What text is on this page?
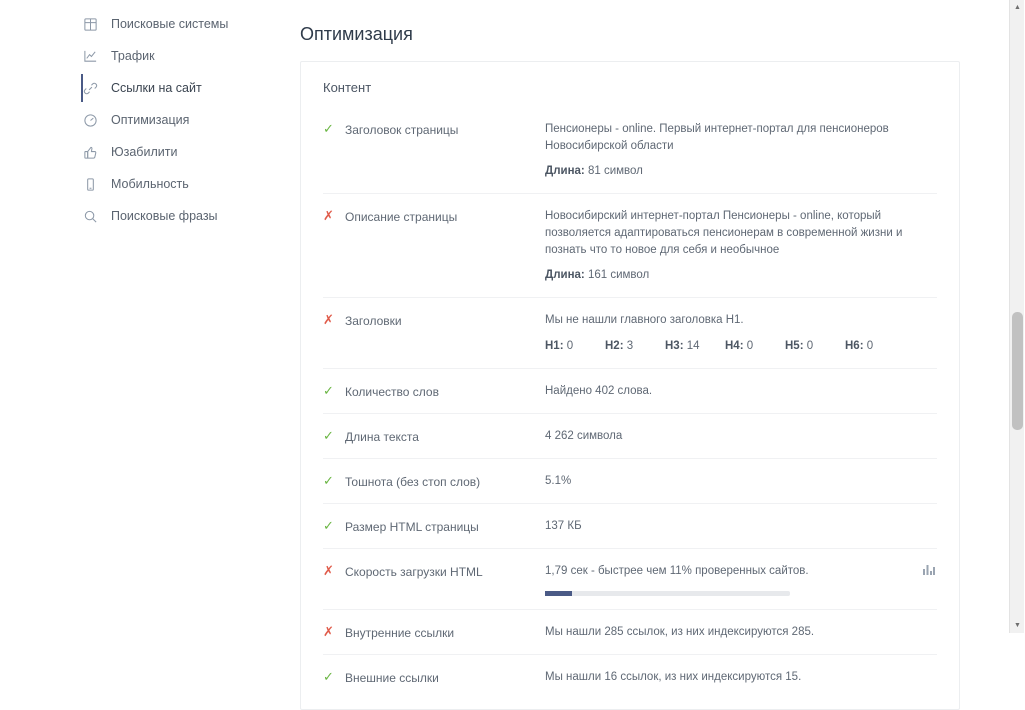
Поисковые системы
Трафик
Ссылки на сайт
Оптимизация
Юзабилити
Мобильность
Поисковые фразы
Оптимизация
Контент
✓ Заголовок страницы	Пенсионеры - online. Первый интернет-портал для пенсионеров Новосибирской области
Длина: 81 символ
✗ Описание страницы	Новосибирский интернет-портал Пенсионеры - online, который позволяется адаптироваться пенсионерам в современной жизни и познать что то новое для себя и необычное
Длина: 161 символ
✗ Заголовки	Мы не нашли главного заголовка H1.
H1: 0	H2: 3	H3: 14	H4: 0	H5: 0	H6: 0
✓ Количество слов	Найдено 402 слова.
✓ Длина текста	4 262 символа
✓ Тошнота (без стоп слов)	5.1%
✓ Размер HTML страницы	137 КБ
✗ Скорость загрузки HTML	1,79 сек - быстрее чем 11% проверенных сайтов.
✗ Внутренние ссылки	Мы нашли 285 ссылок, из них индексируются 285.
✓ Внешние ссылки	Мы нашли 16 ссылок, из них индексируются 15.
▲
▼
